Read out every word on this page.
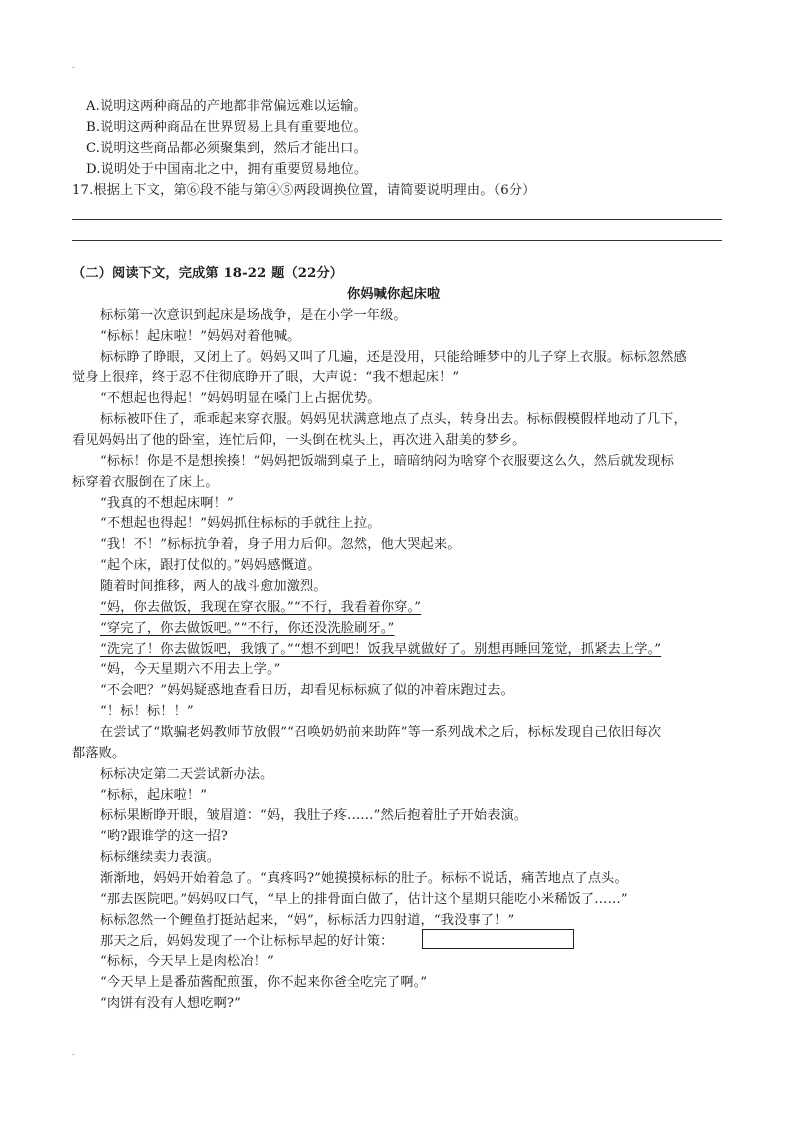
.
A.说明这两种商品的产地都非常偏远难以运输。
B.说明这两种商品在世界贸易上具有重要地位。
C.说明这些商品都必须聚集到，然后才能出口。
D.说明处于中国南北之中，拥有重要贸易地位。
17.根据上下文，第⑥段不能与第④⑤两段调换位置，请简要说明理由。（6分）
（二）阅读下文，完成第 18-22 题（22分）
你妈喊你起床啦
标标第一次意识到起床是场战争，是在小学一年级。
“标标！起床啦！”妈妈对着他喊。
标标睁了睁眼，又闭上了。妈妈又叫了几遍，还是没用，只能给睡梦中的儿子穿上衣服。标标忽然感
觉身上很痒，终于忍不住彻底睁开了眼，大声说：“我不想起床！”
“不想起也得起！”妈妈明显在嗓门上占据优势。
标标被吓住了，乖乖起来穿衣服。妈妈见状满意地点了点头，转身出去。标标假模假样地动了几下，
看见妈妈出了他的卧室，连忙后仰，一头倒在枕头上，再次进入甜美的梦乡。
“标标！你是不是想挨揍！”妈妈把饭端到桌子上，暗暗纳闷为啥穿个衣服要这么久，然后就发现标
标穿着衣服倒在了床上。
“我真的不想起床啊！”
“不想起也得起！”妈妈抓住标标的手就往上拉。
“我！不！”标标抗争着，身子用力后仰。忽然，他大哭起来。
“起个床，跟打仗似的。”妈妈感慨道。
随着时间推移，两人的战斗愈加激烈。
“妈，你去做饭，我现在穿衣服。”“不行，我看着你穿。”
“穿完了，你去做饭吧。”“不行，你还没洗脸刷牙。”
“洗完了！你去做饭吧，我饿了。”“想不到吧！饭我早就做好了。别想再睡回笼觉，抓紧去上学。”
“妈，今天星期六不用去上学。”
“不会吧？”妈妈疑惑地查看日历，却看见标标疯了似的冲着床跑过去。
“！标！标！！”
在尝试了“欺骗老妈教师节放假”“召唤奶奶前来助阵”等一系列战术之后，标标发现自己依旧每次
都落败。
标标决定第二天尝试新办法。
“标标，起床啦！”
标标果断睁开眼，皱眉道：“妈，我肚子疼……”然后抱着肚子开始表演。
“哟?跟谁学的这一招?
标标继续卖力表演。
渐渐地，妈妈开始着急了。“真疼吗?”她摸摸标标的肚子。标标不说话，痛苦地点了点头。
“那去医院吧。”妈妈叹口气，“早上的排骨面白做了，估计这个星期只能吃小米稀饭了……”
标标忽然一个鲤鱼打挺站起来，“妈”，标标活力四射道，“我没事了！”
那天之后，妈妈发现了一个让标标早起的好计策：
“标标，今天早上是肉松冶！”
“今天早上是番茄酱配煎蛋，你不起来你爸全吃完了啊。”
“肉饼有没有人想吃啊?”
.
